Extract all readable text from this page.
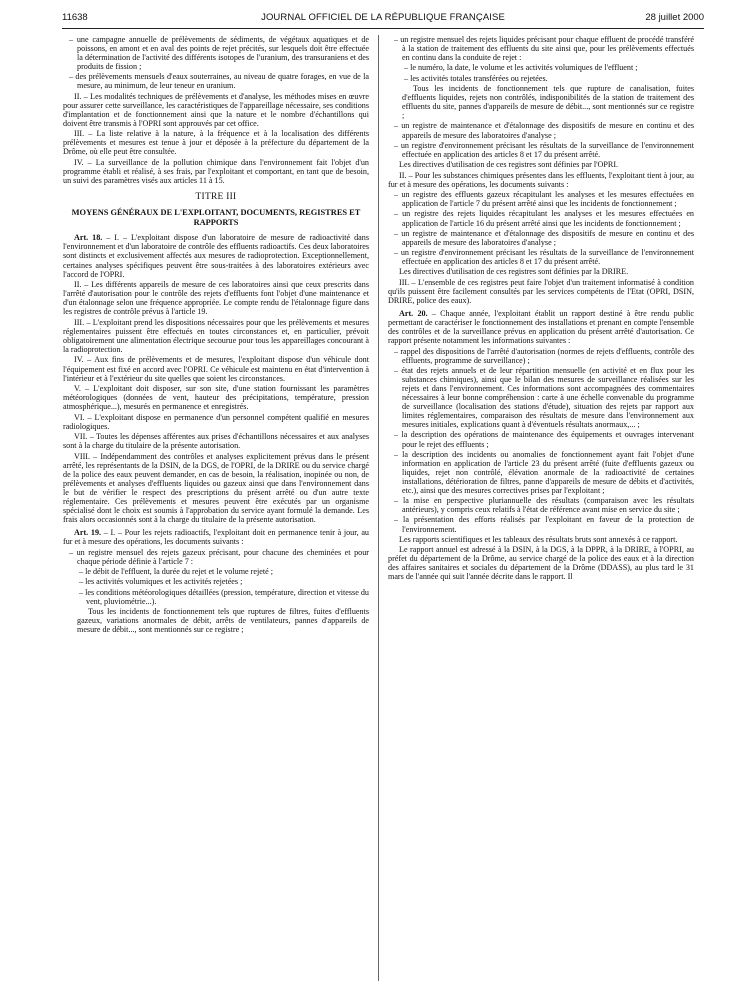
11638	JOURNAL OFFICIEL DE LA RÉPUBLIQUE FRANÇAISE	28 juillet 2000

– une campagne annuelle de prélèvements de sédiments, de végétaux aquatiques et de poissons, en amont et en aval des points de rejet précités, sur lesquels doit être effectuée la détermination de l'activité des différents isotopes de l'uranium, des transuraniens et des produits de fission ;

– des prélèvements mensuels d'eaux souterraines, au niveau de quatre forages, en vue de la mesure, au minimum, de leur teneur en uranium.

II. – Les modalités techniques de prélèvements et d'analyse, les méthodes mises en œuvre pour assurer cette surveillance, les caractéristiques de l'appareillage nécessaire, ses conditions d'implantation et de fonctionnement ainsi que la nature et le nombre d'échantillons qui doivent être transmis à l'OPRI sont approuvés par cet office.

III. – La liste relative à la nature, à la fréquence et à la localisation des différents prélèvements et mesures est tenue à jour et déposée à la préfecture du département de la Drôme, où elle peut être consultée.

IV. – La surveillance de la pollution chimique dans l'environnement fait l'objet d'un programme établi et réalisé, à ses frais, par l'exploitant et comportant, en tant que de besoin, un suivi des paramètres visés aux articles 11 à 15.

TITRE III

MOYENS GÉNÉRAUX DE L'EXPLOITANT, DOCUMENTS, REGISTRES ET RAPPORTS

Art. 18. – I. – L'exploitant dispose d'un laboratoire de mesure de radioactivité dans l'environnement et d'un laboratoire de contrôle des effluents radioactifs. Ces deux laboratoires sont distincts et exclusivement affectés aux mesures de radioprotection. Exceptionnellement, certaines analyses spécifiques peuvent être sous-traitées à des laboratoires extérieurs avec l'accord de l'OPRI.

II. – Les différents appareils de mesure de ces laboratoires ainsi que ceux prescrits dans l'arrêté d'autorisation pour le contrôle des rejets d'effluents font l'objet d'une maintenance et d'un étalonnage selon une fréquence appropriée. Le compte rendu de l'étalonnage figure dans les registres de contrôle prévus à l'article 19.

III. – L'exploitant prend les dispositions nécessaires pour que les prélèvements et mesures réglementaires puissent être effectués en toutes circonstances et, en particulier, prévoit obligatoirement une alimentation électrique secourue pour tous les appareillages concourant à la radioprotection.

IV. – Aux fins de prélèvements et de mesures, l'exploitant dispose d'un véhicule dont l'équipement est fixé en accord avec l'OPRI. Ce véhicule est maintenu en état d'intervention à l'intérieur et à l'extérieur du site quelles que soient les circonstances.

V. – L'exploitant doit disposer, sur son site, d'une station fournissant les paramètres météorologiques (données de vent, hauteur des précipitations, température, pression atmosphérique...), mesurés en permanence et enregistrés.

VI. – L'exploitant dispose en permanence d'un personnel compétent qualifié en mesures radiologiques.

VII. – Toutes les dépenses afférentes aux prises d'échantillons nécessaires et aux analyses sont à la charge du titulaire de la présente autorisation.

VIII. – Indépendamment des contrôles et analyses explicitement prévus dans le présent arrêté, les représentants de la DSIN, de la DGS, de l'OPRI, de la DRIRE ou du service chargé de la police des eaux peuvent demander, en cas de besoin, la réalisation, inopinée ou non, de prélèvements et analyses d'effluents liquides ou gazeux ainsi que dans l'environnement dans le but de vérifier le respect des prescriptions du présent arrêté ou d'un autre texte réglementaire. Ces prélèvements et mesures peuvent être exécutés par un organisme spécialisé dont le choix est soumis à l'approbation du service ayant formulé la demande. Les frais alors occasionnés sont à la charge du titulaire de la présente autorisation.

Art. 19. – I. – Pour les rejets radioactifs, l'exploitant doit en permanence tenir à jour, au fur et à mesure des opérations, les documents suivants :

– un registre mensuel des rejets gazeux précisant, pour chacune des cheminées et pour chaque période définie à l'article 7 :

– le débit de l'effluent, la durée du rejet et le volume rejeté ;

– les activités volumiques et les activités rejetées ;

– les conditions météorologiques détaillées (pression, température, direction et vitesse du vent, pluviométrie...).

Tous les incidents de fonctionnement tels que ruptures de filtres, fuites d'effluents gazeux, variations anormales de débit, arrêts de ventilateurs, pannes d'appareils de mesure de débit..., sont mentionnés sur ce registre ;

– un registre mensuel des rejets liquides précisant pour chaque effluent de procédé transféré à la station de traitement des effluents du site ainsi que, pour les prélèvements effectués en continu dans la conduite de rejet :

– le numéro, la date, le volume et les activités volumiques de l'effluent ;

– les activités totales transférées ou rejetées.

Tous les incidents de fonctionnement tels que rupture de canalisation, fuites d'effluents liquides, rejets non contrôlés, indisponibilités de la station de traitement des effluents du site, pannes d'appareils de mesure de débit..., sont mentionnés sur ce registre ;

– un registre de maintenance et d'étalonnage des dispositifs de mesure en continu et des appareils de mesure des laboratoires d'analyse ;

– un registre d'environnement précisant les résultats de la surveillance de l'environnement effectuée en application des articles 8 et 17 du présent arrêté.

Les directives d'utilisation de ces registres sont définies par l'OPRI.

II. – Pour les substances chimiques présentes dans les effluents, l'exploitant tient à jour, au fur et à mesure des opérations, les documents suivants :

– un registre des effluents gazeux récapitulant les analyses et les mesures effectuées en application de l'article 7 du présent arrêté ainsi que les incidents de fonctionnement ;

– un registre des rejets liquides récapitulant les analyses et les mesures effectuées en application de l'article 16 du présent arrêté ainsi que les incidents de fonctionnement ;

– un registre de maintenance et d'étalonnage des dispositifs de mesure en continu et des appareils de mesure des laboratoires d'analyse ;

– un registre d'environnement précisant les résultats de la surveillance de l'environnement effectuée en application des articles 8 et 17 du présent arrêté.

Les directives d'utilisation de ces registres sont définies par la DRIRE.

III. – L'ensemble de ces registres peut faire l'objet d'un traitement informatisé à condition qu'ils puissent être facilement consultés par les services compétents de l'Etat (OPRI, DSIN, DRIRE, police des eaux).

Art. 20. – Chaque année, l'exploitant établit un rapport destiné à être rendu public permettant de caractériser le fonctionnement des installations et prenant en compte l'ensemble des contrôles et de la surveillance prévus en application du présent arrêté d'autorisation. Ce rapport présente notamment les informations suivantes :

– rappel des dispositions de l'arrêté d'autorisation (normes de rejets d'effluents, contrôle des effluents, programme de surveillance) ;

– état des rejets annuels et de leur répartition mensuelle (en activité et en flux pour les substances chimiques), ainsi que le bilan des mesures de surveillance réalisées sur les rejets et dans l'environnement. Ces informations sont accompagnées des commentaires nécessaires à leur bonne compréhension : carte à une échelle convenable du programme de surveillance (localisation des stations d'étude), situation des rejets par rapport aux limites réglementaires, comparaison des résultats de mesure dans l'environnement aux mesures initiales, explications quant à d'éventuels résultats anormaux,... ;

– la description des opérations de maintenance des équipements et ouvrages intervenant pour le rejet des effluents ;

– la description des incidents ou anomalies de fonctionnement ayant fait l'objet d'une information en application de l'article 23 du présent arrêté (fuite d'effluents gazeux ou liquides, rejet non contrôlé, élévation anormale de la radioactivité de certaines installations, détérioration de filtres, panne d'appareils de mesure de débits et d'activités, etc.), ainsi que des mesures correctives prises par l'exploitant ;

– la mise en perspective pluriannuelle des résultats (comparaison avec les résultats antérieurs), y compris ceux relatifs à l'état de référence avant mise en service du site ;

– la présentation des efforts réalisés par l'exploitant en faveur de la protection de l'environnement.

Les rapports scientifiques et les tableaux des résultats bruts sont annexés à ce rapport.

Le rapport annuel est adressé à la DSIN, à la DGS, à la DPPR, à la DRIRE, à l'OPRI, au préfet du département de la Drôme, au service chargé de la police des eaux et à la direction des affaires sanitaires et sociales du département de la Drôme (DDASS), au plus tard le 31 mars de l'année qui suit l'année décrite dans le rapport. Il
